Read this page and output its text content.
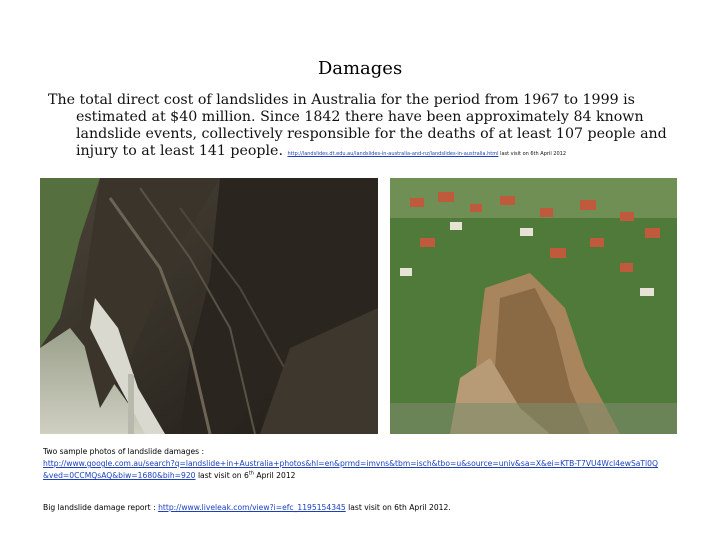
Damages
The total direct cost of landslides in Australia for the period from 1967 to 1999 is estimated at $40 million. Since 1842 there have been approximately 84 known landslide events, collectively responsible for the deaths of at least 107 people and injury to at least 141 people. http://landslides.dt.edu.au/landslides-in-australia-and-nz/landslides-in-australia.html last visit on 6th April 2012
Two sample photos of landslide damages :
http://www.google.com.au/search?q=landslide+in+Australia+photos&hl=en&prmd=imvns&tbm=isch&tbo=u&source=univ&sa=X&ei=KTB-T7VU4Wcl4ewSaTl0Q&ved=0CCMQsAQ&biw=1680&bih=920 last visit on 6th April 2012
Big landslide damage report : http://www.liveleak.com/view?i=efc_1195154345 last visit on 6th April 2012.
